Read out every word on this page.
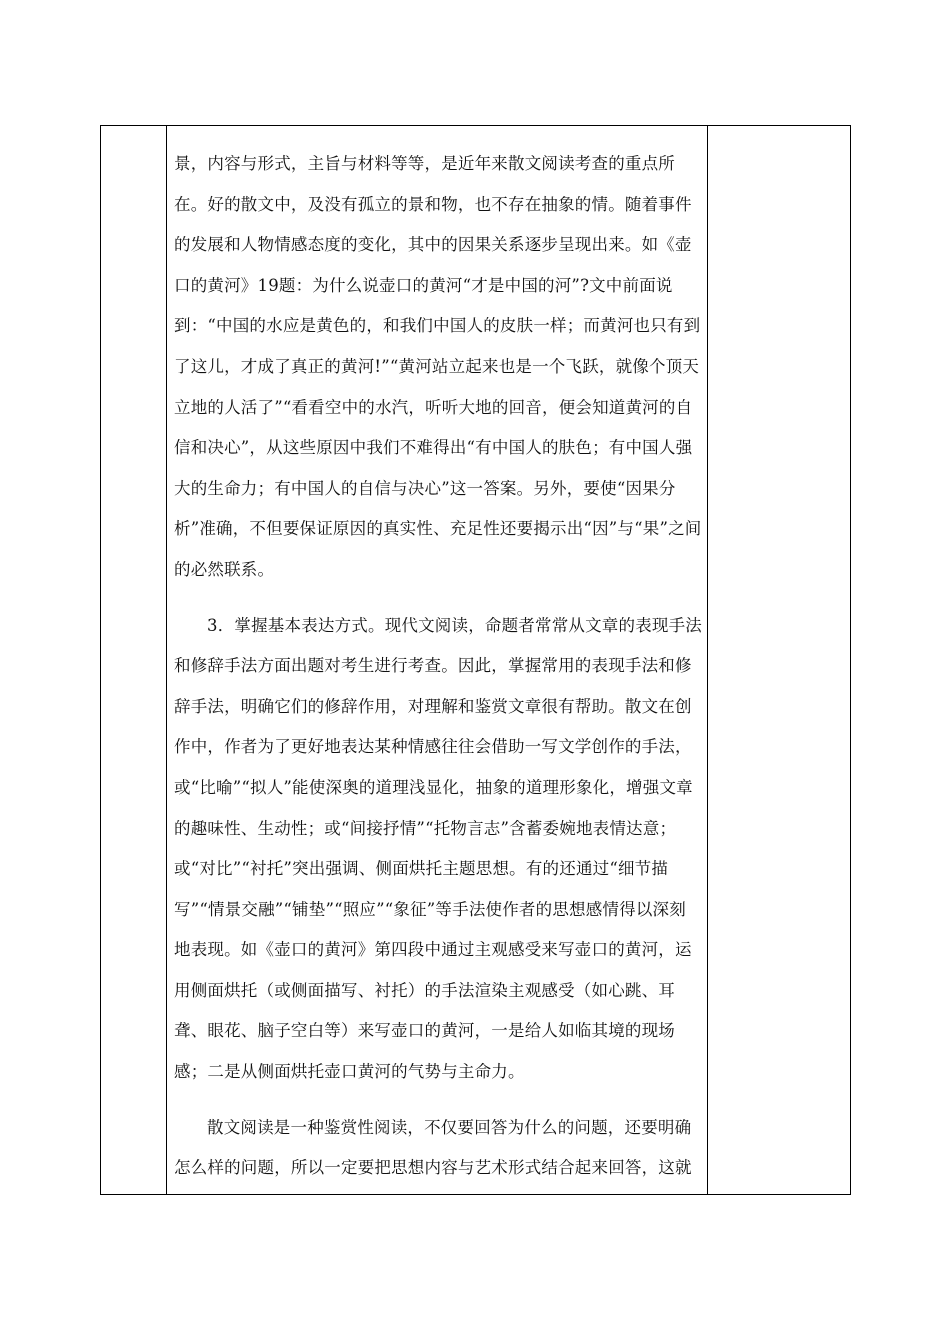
景，内容与形式，主旨与材料等等，是近年来散文阅读考查的重点所在。好的散文中，及没有孤立的景和物，也不存在抽象的情。随着事件的发展和人物情感态度的变化，其中的因果关系逐步呈现出来。如《壶口的黄河》19题：为什么说壶口的黄河“才是中国的河”?文中前面说到：“中国的水应是黄色的，和我们中国人的皮肤一样；而黄河也只有到了这儿，才成了真正的黄河!”“黄河站立起来也是一个飞跃，就像个顶天立地的人活了”“看看空中的水汽，听听大地的回音，便会知道黄河的自信和决心”，从这些原因中我们不难得出“有中国人的肤色；有中国人强大的生命力；有中国人的自信与决心”这一答案。另外，要使“因果分析”准确，不但要保证原因的真实性、充足性还要揭示出“因”与“果”之间的必然联系。

3．掌握基本表达方式。现代文阅读，命题者常常从文章的表现手法和修辞手法方面出题对考生进行考查。因此，掌握常用的表现手法和修辞手法，明确它们的修辞作用，对理解和鉴赏文章很有帮助。散文在创作中，作者为了更好地表达某种情感往往会借助一写文学创作的手法，或“比喻”“拟人”能使深奥的道理浅显化，抽象的道理形象化，增强文章的趣味性、生动性；或“间接抒情”“托物言志”含蓄委婉地表情达意；或“对比”“衬托”突出强调、侧面烘托主题思想。有的还通过“细节描写”“情景交融”“铺垫”“照应”“象征”等手法使作者的思想感情得以深刻地表现。如《壶口的黄河》第四段中通过主观感受来写壶口的黄河，运用侧面烘托（或侧面描写、衬托）的手法渲染主观感受（如心跳、耳聋、眼花、脑子空白等）来写壶口的黄河，一是给人如临其境的现场感；二是从侧面烘托壶口黄河的气势与主命力。

散文阅读是一种鉴赏性阅读，不仅要回答为什么的问题，还要明确怎么样的问题，所以一定要把思想内容与艺术形式结合起来回答，这就
